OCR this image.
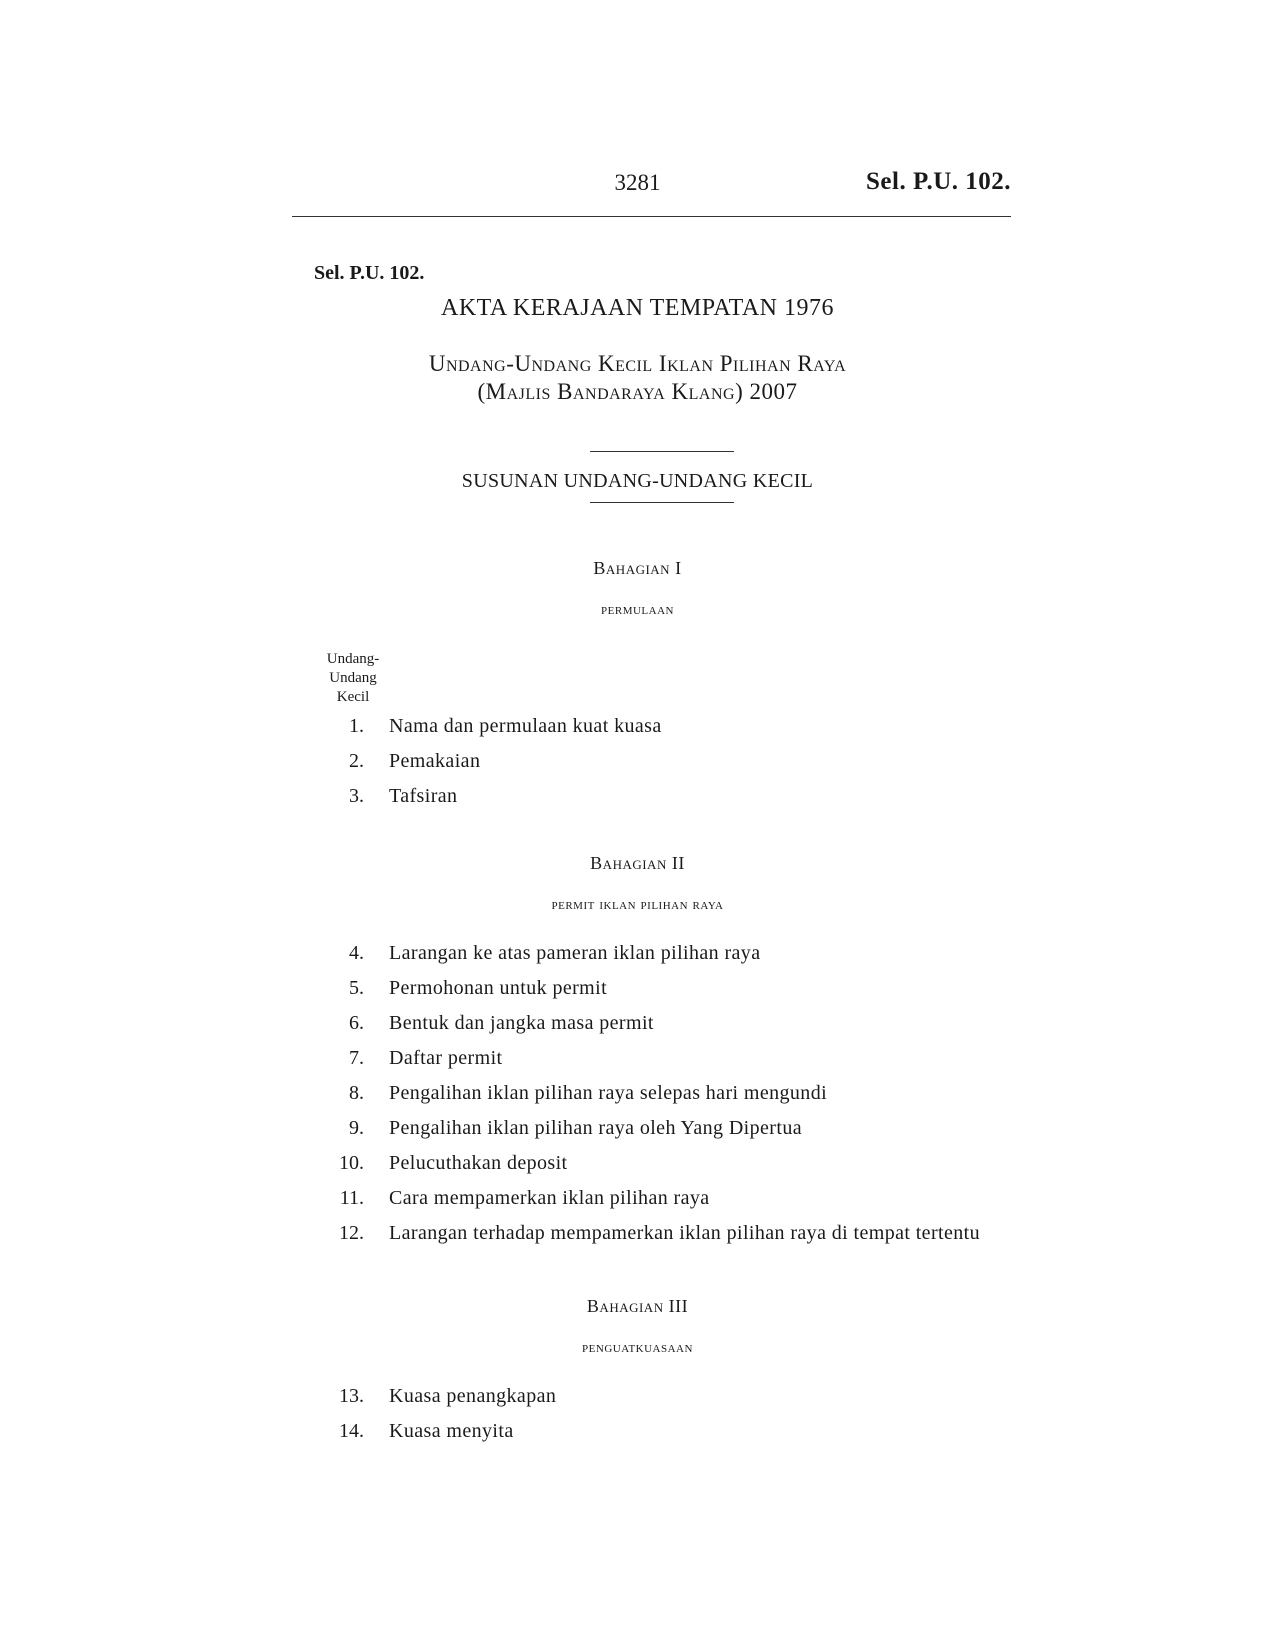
3281	Sel. P.U. 102.
Sel. P.U. 102.
AKTA KERAJAAN TEMPATAN 1976
Undang-Undang Kecil Iklan Pilihan Raya
(Majlis Bandaraya Klang) 2007
SUSUNAN UNDANG-UNDANG KECIL
Bahagian I
permulaan
Undang-
Undang
Kecil
1. Nama dan permulaan kuat kuasa
2. Pemakaian
3. Tafsiran
Bahagian II
permit iklan pilihan raya
4. Larangan ke atas pameran iklan pilihan raya
5. Permohonan untuk permit
6. Bentuk dan jangka masa permit
7. Daftar permit
8. Pengalihan iklan pilihan raya selepas hari mengundi
9. Pengalihan iklan pilihan raya oleh Yang Dipertua
10. Pelucuthakan deposit
11. Cara mempamerkan iklan pilihan raya
12. Larangan terhadap mempamerkan iklan pilihan raya di tempat tertentu
Bahagian III
penguatkuasaan
13. Kuasa penangkapan
14. Kuasa menyita
